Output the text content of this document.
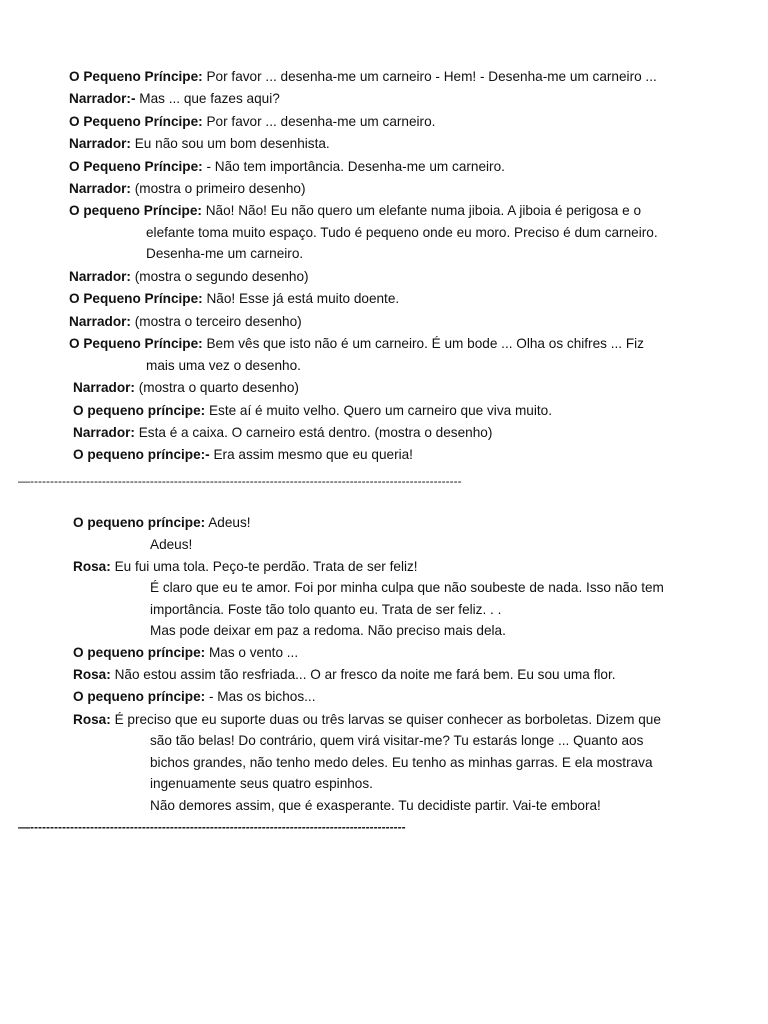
O Pequeno Príncipe: Por favor ... desenha-me um carneiro - Hem! - Desenha-me um carneiro ...
Narrador:- Mas ... que fazes aqui?
O Pequeno Príncipe: Por favor ... desenha-me um carneiro.
Narrador: Eu não sou um bom desenhista.
O Pequeno Príncipe: - Não tem importância. Desenha-me um carneiro.
Narrador: (mostra o primeiro desenho)
O pequeno Príncipe: Não! Não! Eu não quero um elefante numa jiboia. A jiboia é perigosa e o
elefante toma muito espaço. Tudo é pequeno onde eu moro. Preciso é dum carneiro.
Desenha-me um carneiro.
Narrador: (mostra o segundo desenho)
O Pequeno Príncipe: Não! Esse já está muito doente.
Narrador: (mostra o terceiro desenho)
O Pequeno Príncipe: Bem vês que isto não é um carneiro. É um bode ... Olha os chifres ... Fiz
mais uma vez o desenho.
Narrador: (mostra o quarto desenho)
O pequeno príncipe: Este aí é muito velho. Quero um carneiro que viva muito.
Narrador: Esta é a caixa. O carneiro está dentro. (mostra o desenho)
O pequeno príncipe:- Era assim mesmo que eu queria!
—------------------------------------------------------------------------------------------------------------
O pequeno príncipe: Adeus!
Adeus!
Rosa: Eu fui uma tola. Peço-te perdão. Trata de ser feliz!
É claro que eu te amor. Foi por minha culpa que não soubeste de nada. Isso não tem
importância. Foste tão tolo quanto eu. Trata de ser feliz. . .
Mas pode deixar em paz a redoma. Não preciso mais dela.
O pequeno príncipe: Mas o vento ...
Rosa: Não estou assim tão resfriada... O ar fresco da noite me fará bem. Eu sou uma flor.
O pequeno príncipe: - Mas os bichos...
Rosa: É preciso que eu suporte duas ou três larvas se quiser conhecer as borboletas. Dizem que
são tão belas! Do contrário, quem virá visitar-me? Tu estarás longe ... Quanto aos
bichos grandes, não tenho medo deles. Eu tenho as minhas garras. E ela mostrava
ingenuamente seus quatro espinhos.
Não demores assim, que é exasperante. Tu decidiste partir. Vai-te embora!
—----------------------------------------------------------------------------------------------
